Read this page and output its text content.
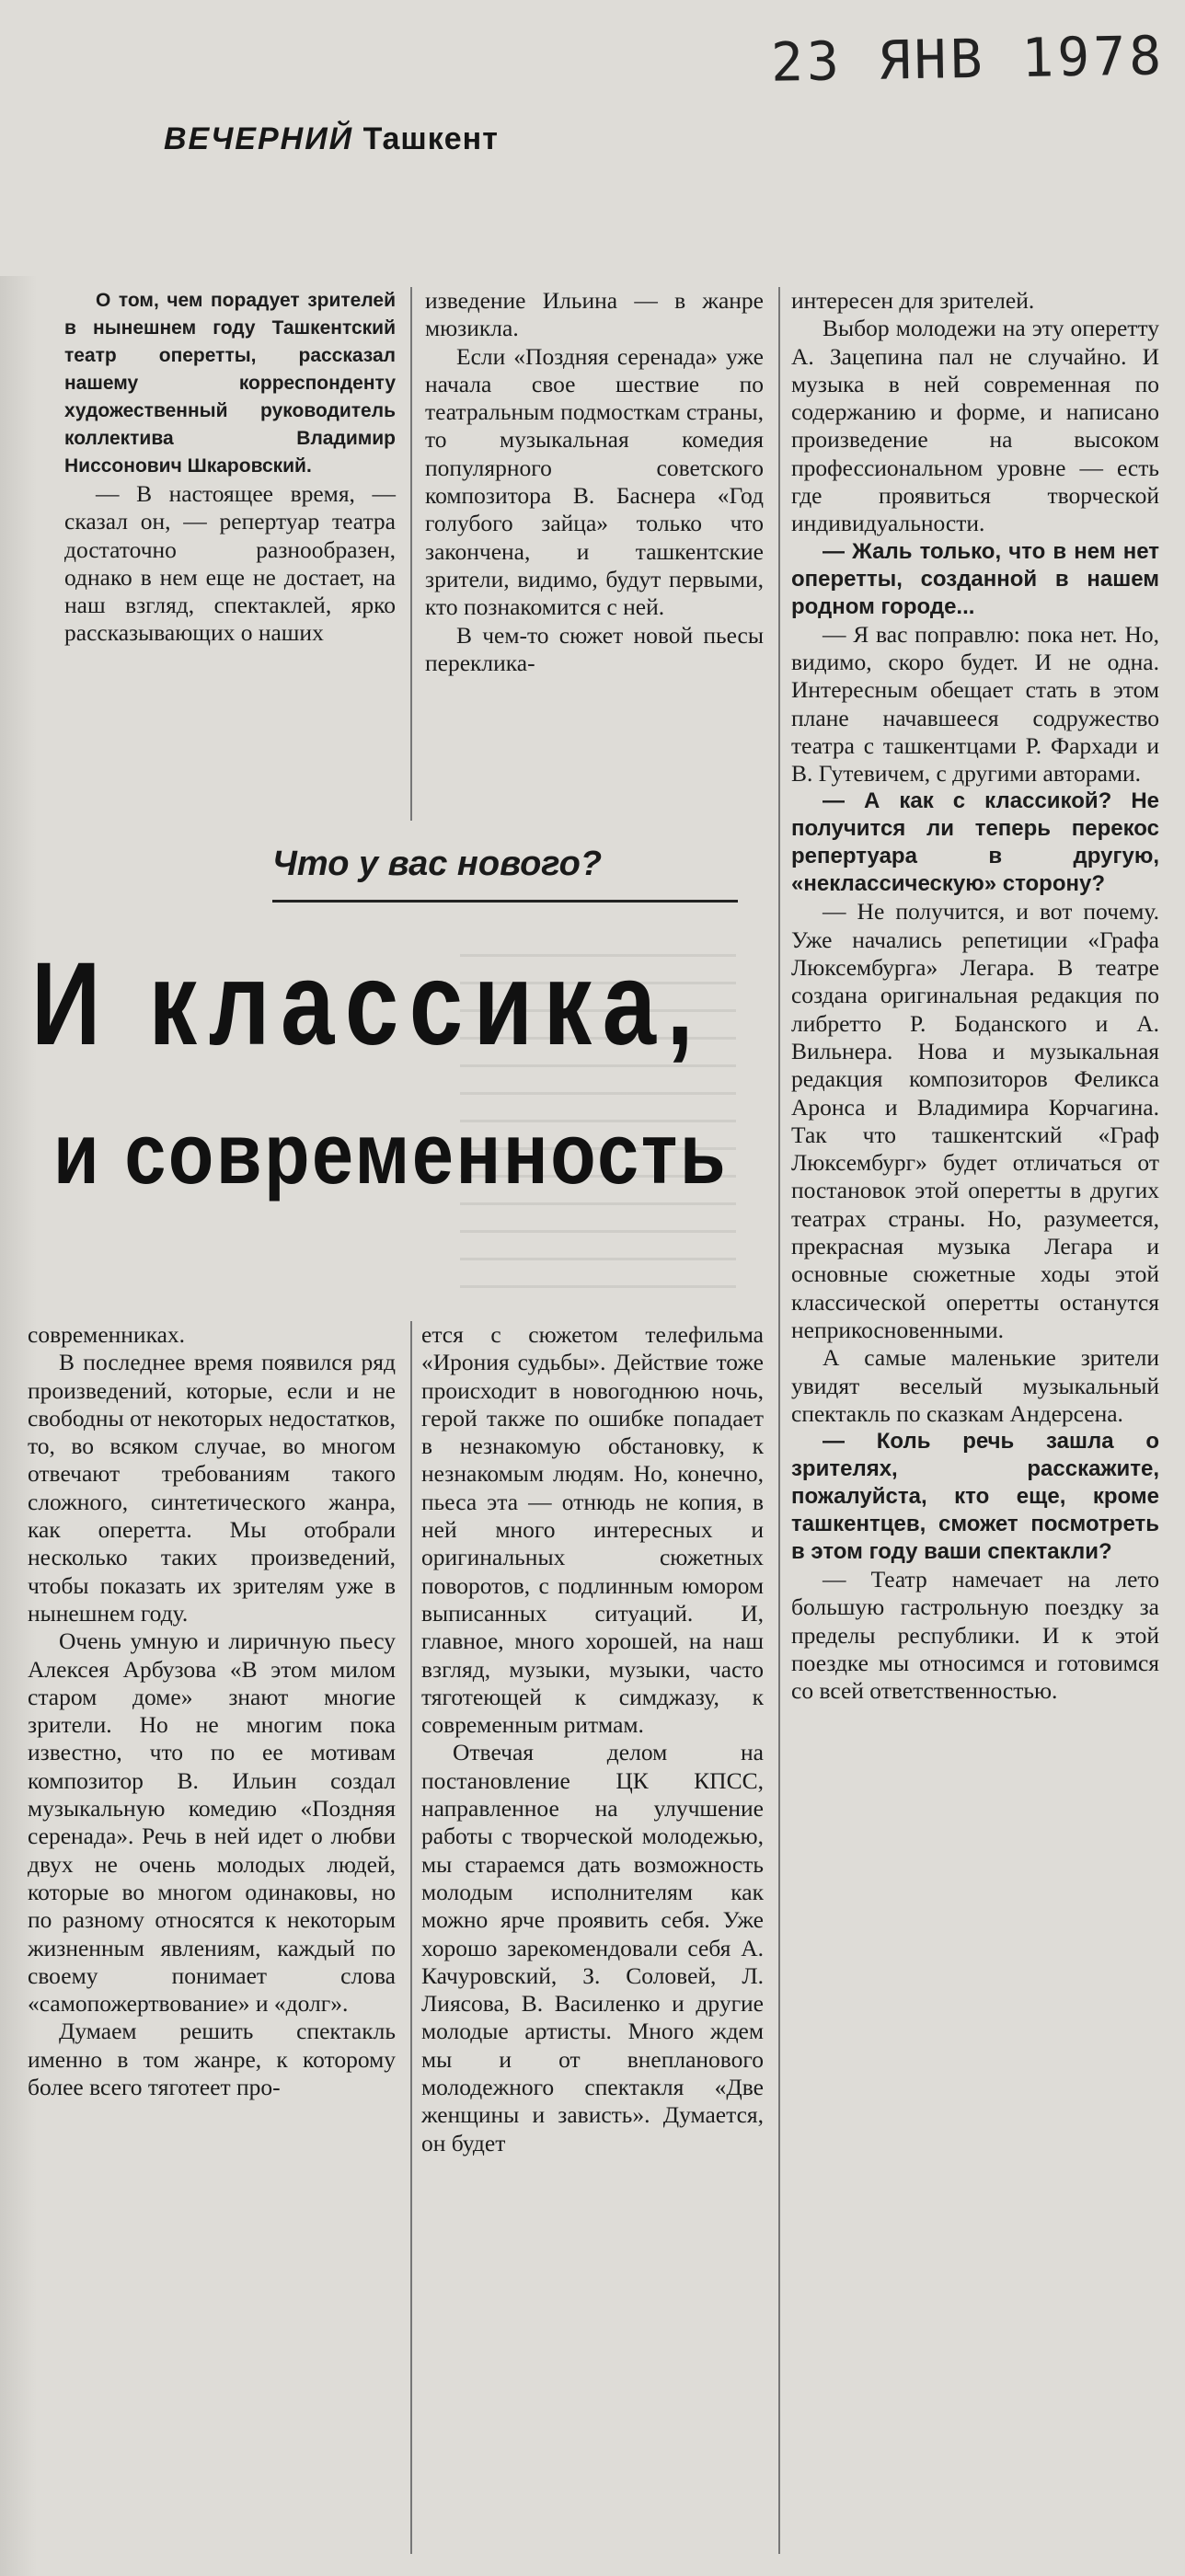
23 ЯНВ 1978
ВЕЧЕРНИЙ Ташкент

О том, чем порадует зрителей в нынешнем году Ташкентский театр оперетты, рассказал нашему корреспонденту художественный руководитель коллектива Владимир Ниссонович Шкаровский.

— В настоящее время, — сказал он, — репертуар театра достаточно разнообразен, однако в нем еще не достает, на наш взгляд, спектаклей, ярко рассказывающих о наших

изведение Ильина — в жанре мюзикла.

Если «Поздняя серенада» уже начала свое шествие по театральным подмосткам страны, то музыкальная комедия популярного советского композитора В. Баснера «Год голубого зайца» только что закончена, и ташкентские зрители, видимо, будут первыми, кто познакомится с ней.

В чем-то сюжет новой пьесы переклика-

Что у вас нового?
И классика,
и современность

современниках.

В последнее время появился ряд произведений, которые, если и не свободны от некоторых недостатков, то, во всяком случае, во многом отвечают требованиям такого сложного, синтетического жанра, как оперетта. Мы отобрали несколько таких произведений, чтобы показать их зрителям уже в нынешнем году.

Очень умную и лиричную пьесу Алексея Арбузова «В этом милом старом доме» знают многие зрители. Но не многим пока известно, что по ее мотивам композитор В. Ильин создал музыкальную комедию «Поздняя серенада». Речь в ней идет о любви двух не очень молодых людей, которые во многом одинаковы, но по разному относятся к некоторым жизненным явлениям, каждый по своему понимает слова «самопожертвование» и «долг».

Думаем решить спектакль именно в том жанре, к которому более всего тяготеет про-

ется с сюжетом телефильма «Ирония судьбы». Действие тоже происходит в новогоднюю ночь, герой также по ошибке попадает в незнакомую обстановку, к незнакомым людям. Но, конечно, пьеса эта — отнюдь не копия, в ней много интересных и оригинальных сюжетных поворотов, с подлинным юмором выписанных ситуаций. И, главное, много хорошей, на наш взгляд, музыки, музыки, часто тяготеющей к симджазу, к современным ритмам.

Отвечая делом на постановление ЦК КПСС, направленное на улучшение работы с творческой молодежью, мы стараемся дать возможность молодым исполнителям как можно ярче проявить себя. Уже хорошо зарекомендовали себя А. Качуровский, З. Соловей, Л. Лиясова, В. Василенко и другие молодые артисты. Много ждем мы и от внепланового молодежного спектакля «Две женщины и зависть». Думается, он будет

интересен для зрителей.

Выбор молодежи на эту оперетту А. Зацепина пал не случайно. И музыка в ней современная по содержанию и форме, и написано произведение на высоком профессиональном уровне — есть где проявиться творческой индивидуальности.

— Жаль только, что в нем нет оперетты, созданной в нашем родном городе...

— Я вас поправлю: пока нет. Но, видимо, скоро будет. И не одна. Интересным обещает стать в этом плане начавшееся содружество театра с ташкентцами Р. Фархади и В. Гутевичем, с другими авторами.

— А как с классикой? Не получится ли теперь перекос репертуара в другую, «неклассическую» сторону?

— Не получится, и вот почему. Уже начались репетиции «Графа Люксембурга» Легара. В театре создана оригинальная редакция по либретто Р. Боданского и А. Вильнера. Нова и музыкальная редакция композиторов Феликса Аронса и Владимира Корчагина. Так что ташкентский «Граф Люксембург» будет отличаться от постановок этой оперетты в других театрах страны. Но, разумеется, прекрасная музыка Легара и основные сюжетные ходы этой классической оперетты останутся неприкосновенными.

А самые маленькие зрители увидят веселый музыкальный спектакль по сказкам Андерсена.

— Коль речь зашла о зрителях, расскажите, пожалуйста, кто еще, кроме ташкентцев, сможет посмотреть в этом году ваши спектакли?

— Театр намечает на лето большую гастрольную поездку за пределы республики. И к этой поездке мы относимся и готовимся со всей ответственностью.
